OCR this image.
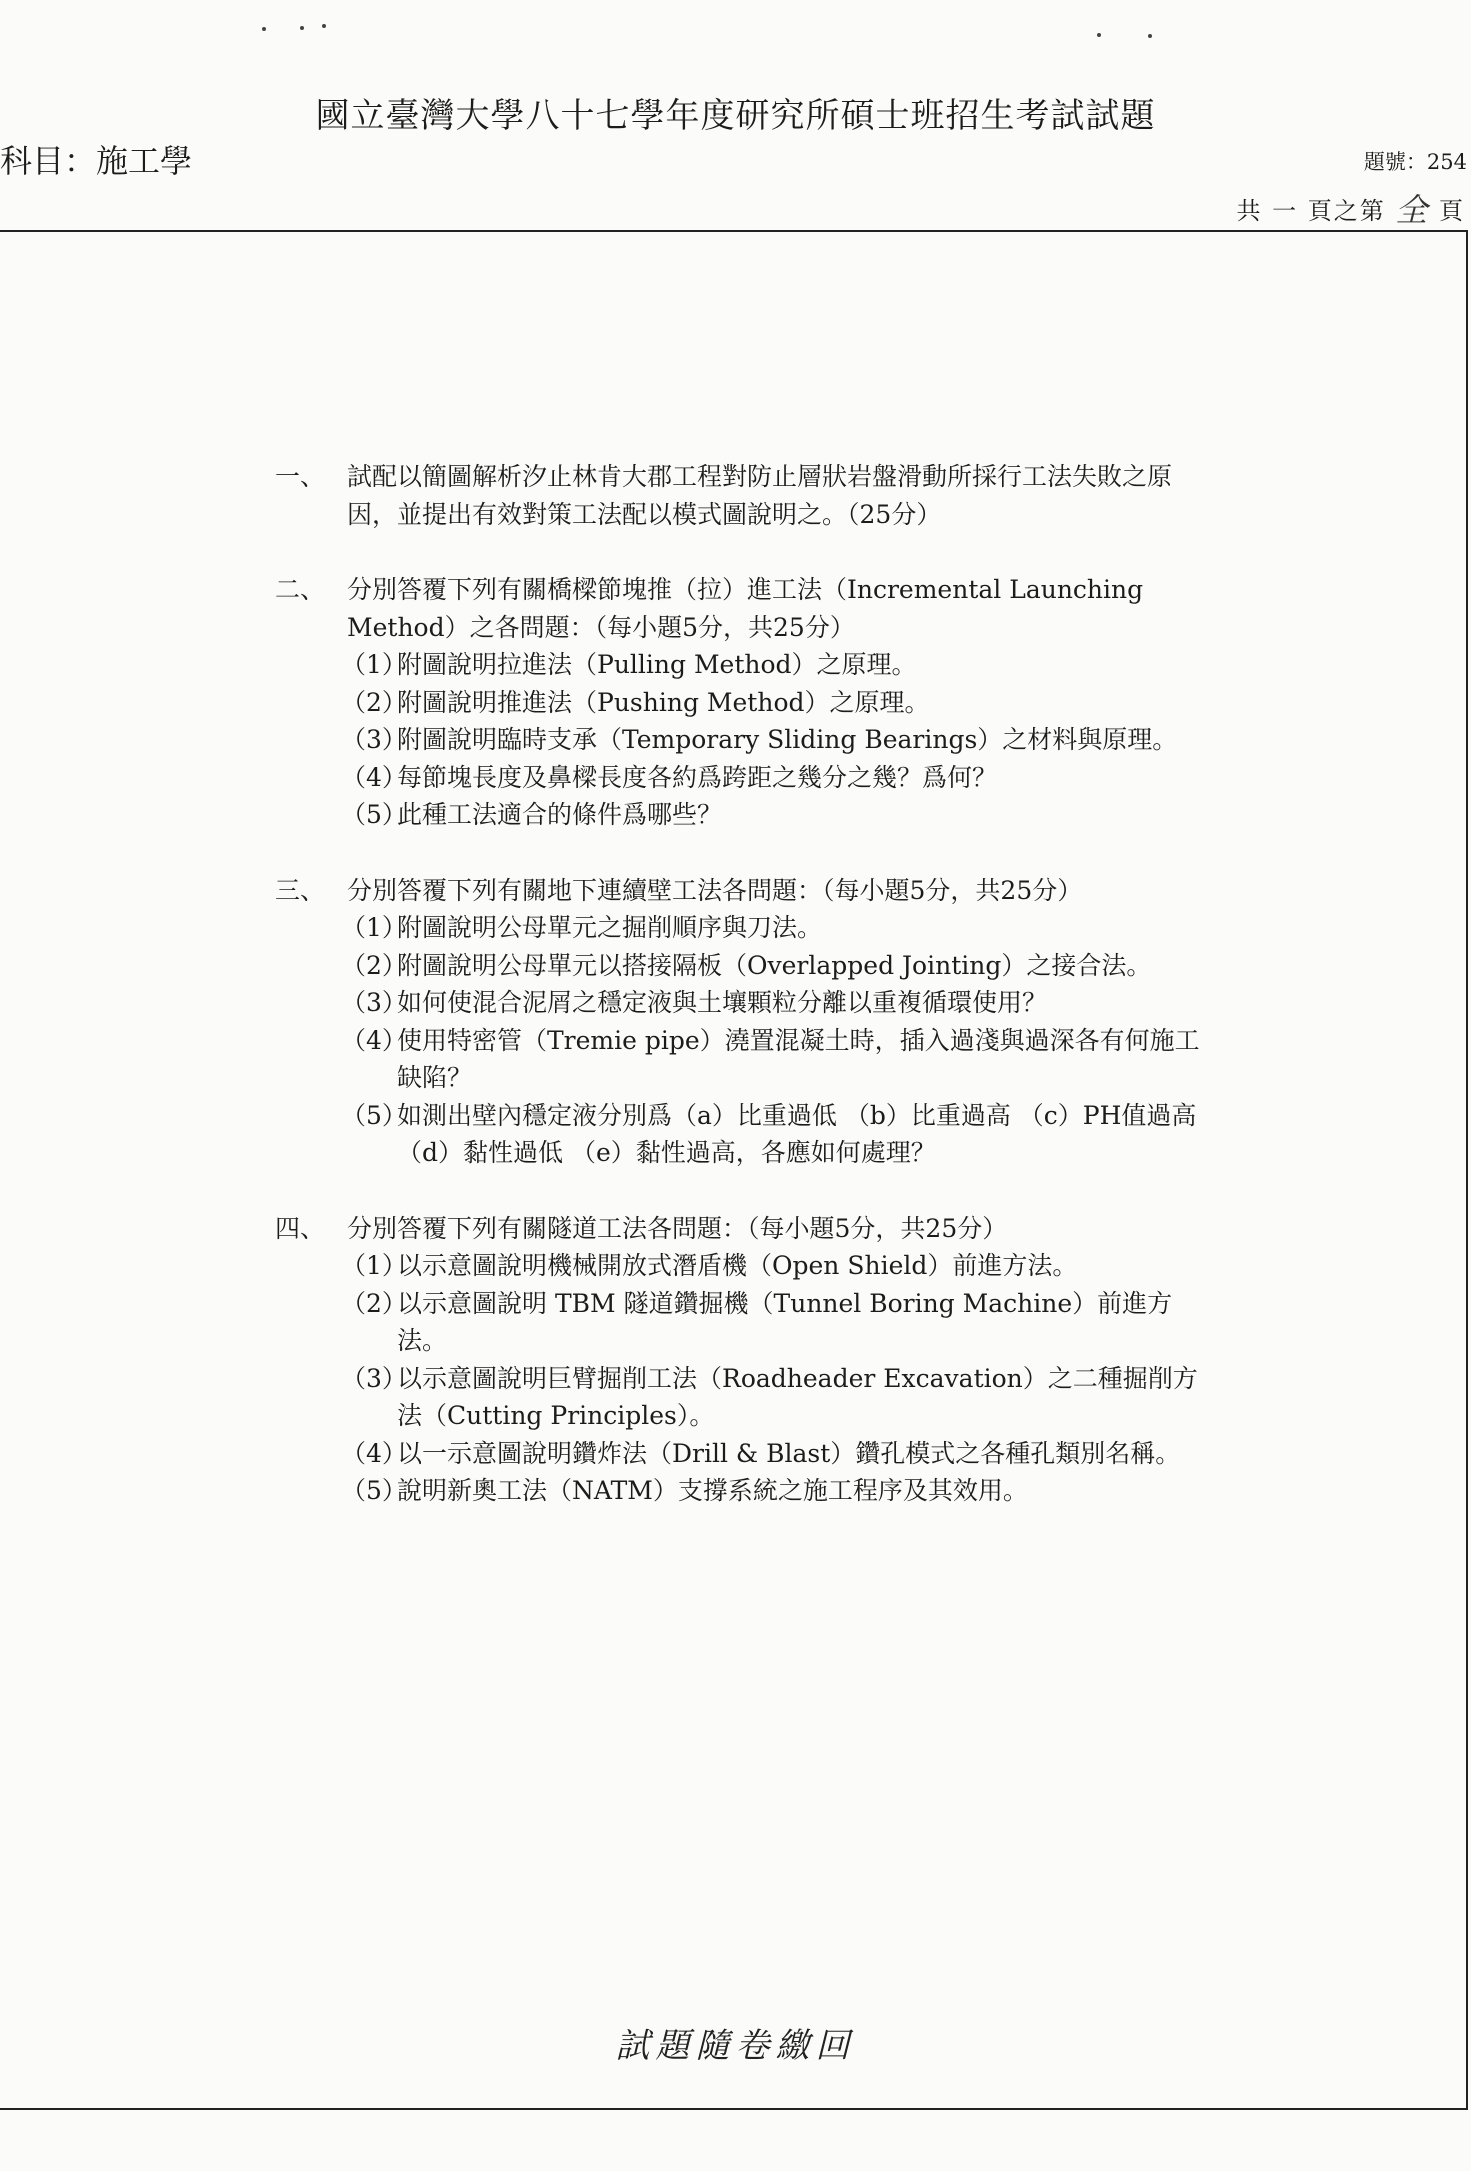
國立臺灣大學八十七學年度研究所碩士班招生考試試題
科目：施工學	題號：254
共 一 頁之第 全 頁
一、 試配以簡圖解析汐止林肯大郡工程對防止層狀岩盤滑動所採行工法失敗之原因，並提出有效對策工法配以模式圖說明之。（25分）
二、 分別答覆下列有關橋樑節塊推（拉）進工法（Incremental Launching Method）之各問題：（每小題5分，共25分）
（1）
附圖說明拉進法（Pulling Method）之原理。
（2）
附圖說明推進法（Pushing Method）之原理。
（3）
附圖說明臨時支承（Temporary Sliding Bearings）之材料與原理。
（4）
每節塊長度及鼻樑長度各約爲跨距之幾分之幾？爲何？
（5）
此種工法適合的條件爲哪些？
三、 分別答覆下列有關地下連續壁工法各問題：（每小題5分，共25分）
（1）
附圖說明公母單元之掘削順序與刀法。
（2）
附圖說明公母單元以搭接隔板（Overlapped Jointing）之接合法。
（3）
如何使混合泥屑之穩定液與土壤顆粒分離以重複循環使用？
（4）
使用特密管（Tremie pipe）澆置混凝土時，插入過淺與過深各有何施工缺陷？
（5）
如測出壁內穩定液分別爲（a）比重過低 （b）比重過高 （c）PH值過高 （d）黏性過低 （e）黏性過高，各應如何處理？
四、 分別答覆下列有關隧道工法各問題：（每小題5分，共25分）
（1）
以示意圖說明機械開放式潛盾機（Open Shield）前進方法。
（2）
以示意圖說明 TBM 隧道鑽掘機（Tunnel Boring Machine）前進方法。
（3）
以示意圖說明巨臂掘削工法（Roadheader Excavation）之二種掘削方法（Cutting Principles）。
（4）
以一示意圖說明鑽炸法（Drill & Blast）鑽孔模式之各種孔類別名稱。
（5）
說明新奧工法（NATM）支撐系統之施工程序及其效用。
試題隨卷繳回
